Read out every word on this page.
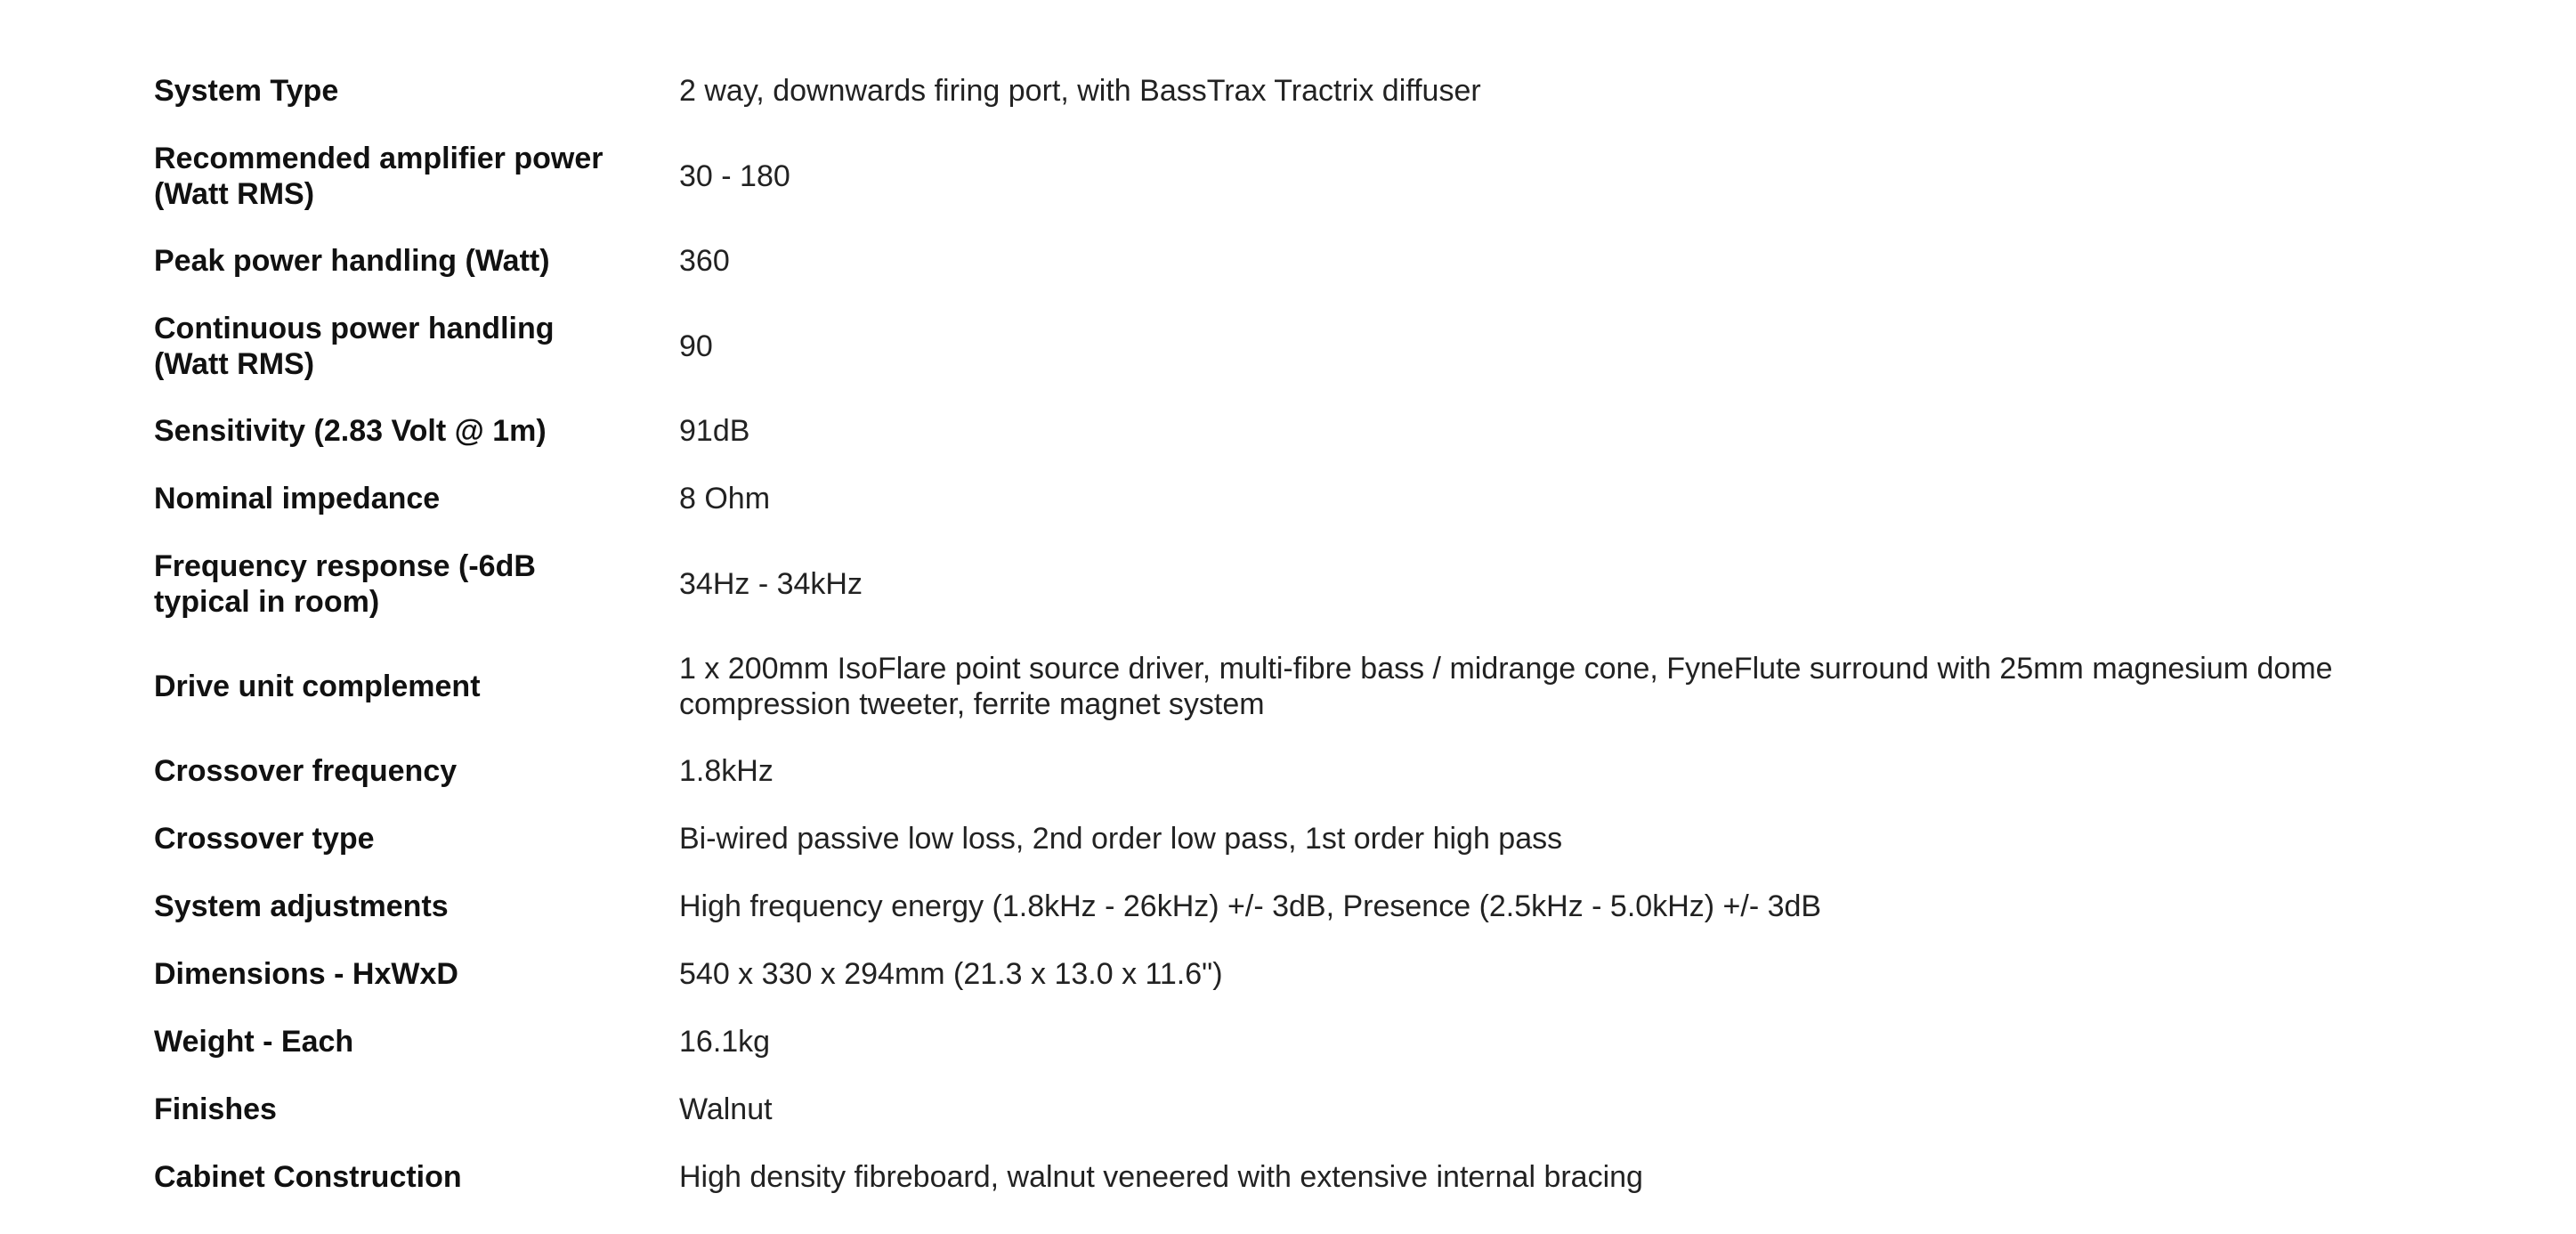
System Type	2 way, downwards firing port, with BassTrax Tractrix diffuser

Recommended amplifier power (Watt RMS)	30 - 180

Peak power handling (Watt)	360

Continuous power handling (Watt RMS)	90

Sensitivity (2.83 Volt @ 1m)	91dB

Nominal impedance	8 Ohm

Frequency response (-6dB typical in room)	34Hz - 34kHz

Drive unit complement	1 x 200mm IsoFlare point source driver, multi-fibre bass / midrange cone, FyneFlute surround with 25mm magnesium dome compression tweeter, ferrite magnet system

Crossover frequency	1.8kHz

Crossover type	Bi-wired passive low loss, 2nd order low pass, 1st order high pass

System adjustments	High frequency energy (1.8kHz - 26kHz) +/- 3dB, Presence (2.5kHz - 5.0kHz) +/- 3dB

Dimensions - HxWxD	540 x 330 x 294mm (21.3 x 13.0 x 11.6")

Weight - Each	16.1kg

Finishes	Walnut

Cabinet Construction	High density fibreboard, walnut veneered with extensive internal bracing
